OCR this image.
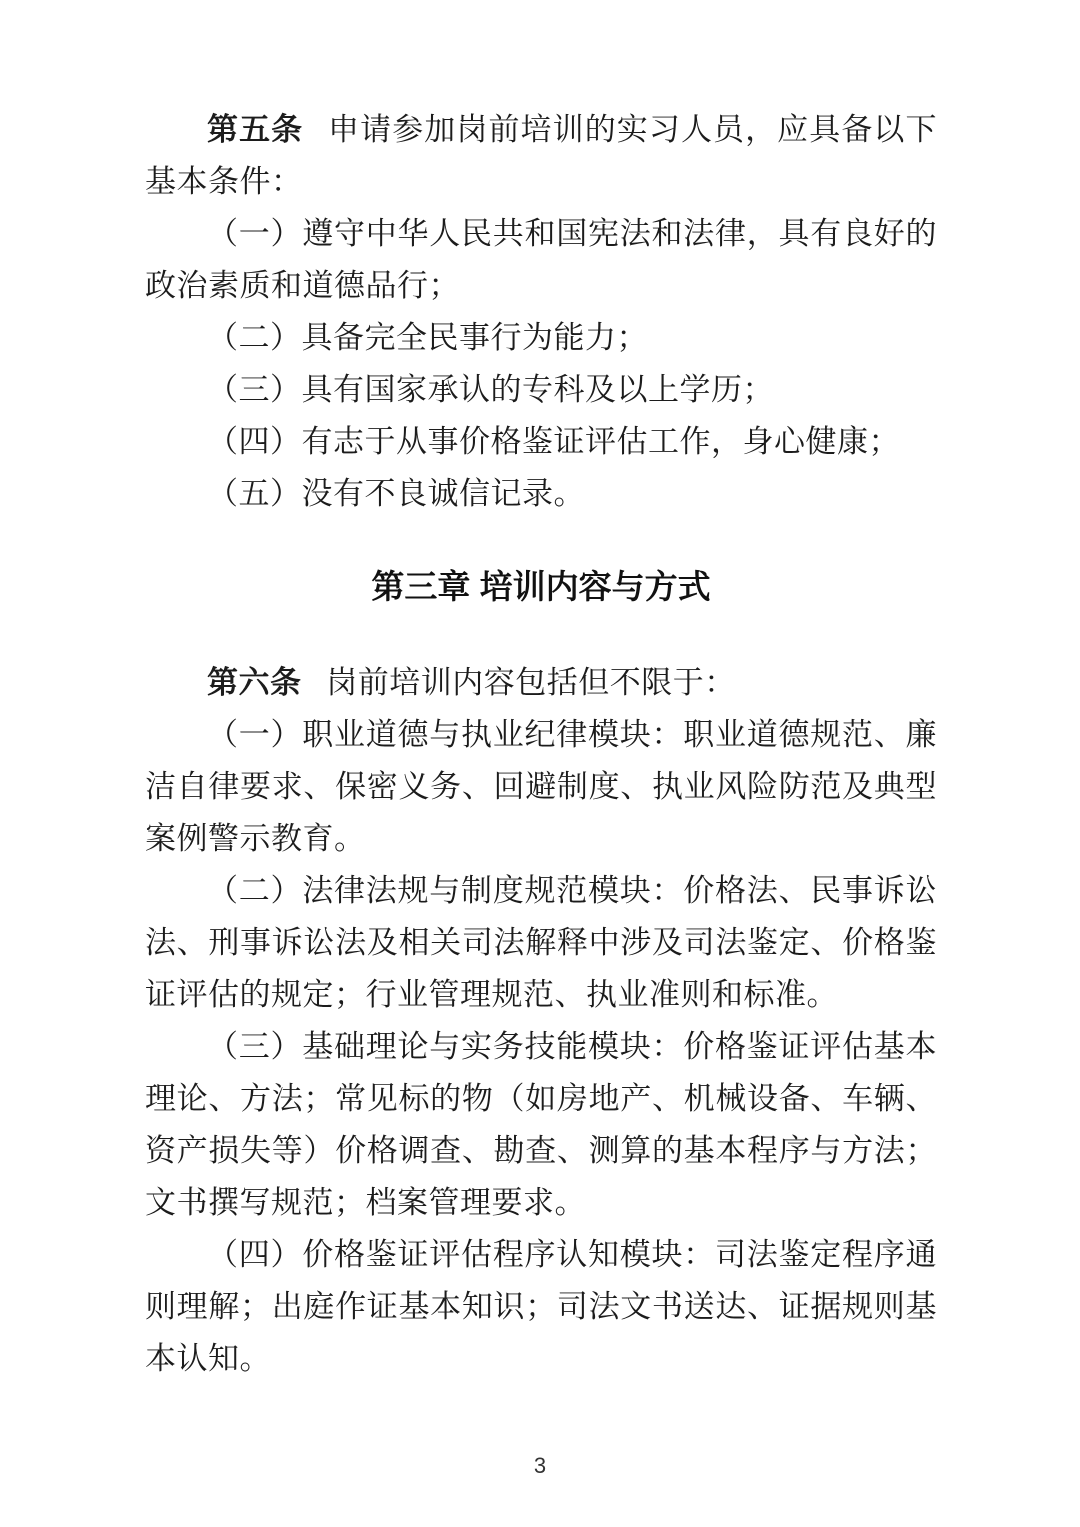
第五条 申请参加岗前培训的实习人员，应具备以下基本条件：

（一）遵守中华人民共和国宪法和法律，具有良好的政治素质和道德品行；

（二）具备完全民事行为能力；

（三）具有国家承认的专科及以上学历；

（四）有志于从事价格鉴证评估工作，身心健康；

（五）没有不良诚信记录。

第三章 培训内容与方式

第六条 岗前培训内容包括但不限于：

（一）职业道德与执业纪律模块：职业道德规范、廉洁自律要求、保密义务、回避制度、执业风险防范及典型案例警示教育。

（二）法律法规与制度规范模块：价格法、民事诉讼法、刑事诉讼法及相关司法解释中涉及司法鉴定、价格鉴证评估的规定；行业管理规范、执业准则和标准。

（三）基础理论与实务技能模块：价格鉴证评估基本理论、方法；常见标的物（如房地产、机械设备、车辆、资产损失等）价格调查、勘查、测算的基本程序与方法；文书撰写规范；档案管理要求。

（四）价格鉴证评估程序认知模块：司法鉴定程序通则理解；出庭作证基本知识；司法文书送达、证据规则基本认知。

3
